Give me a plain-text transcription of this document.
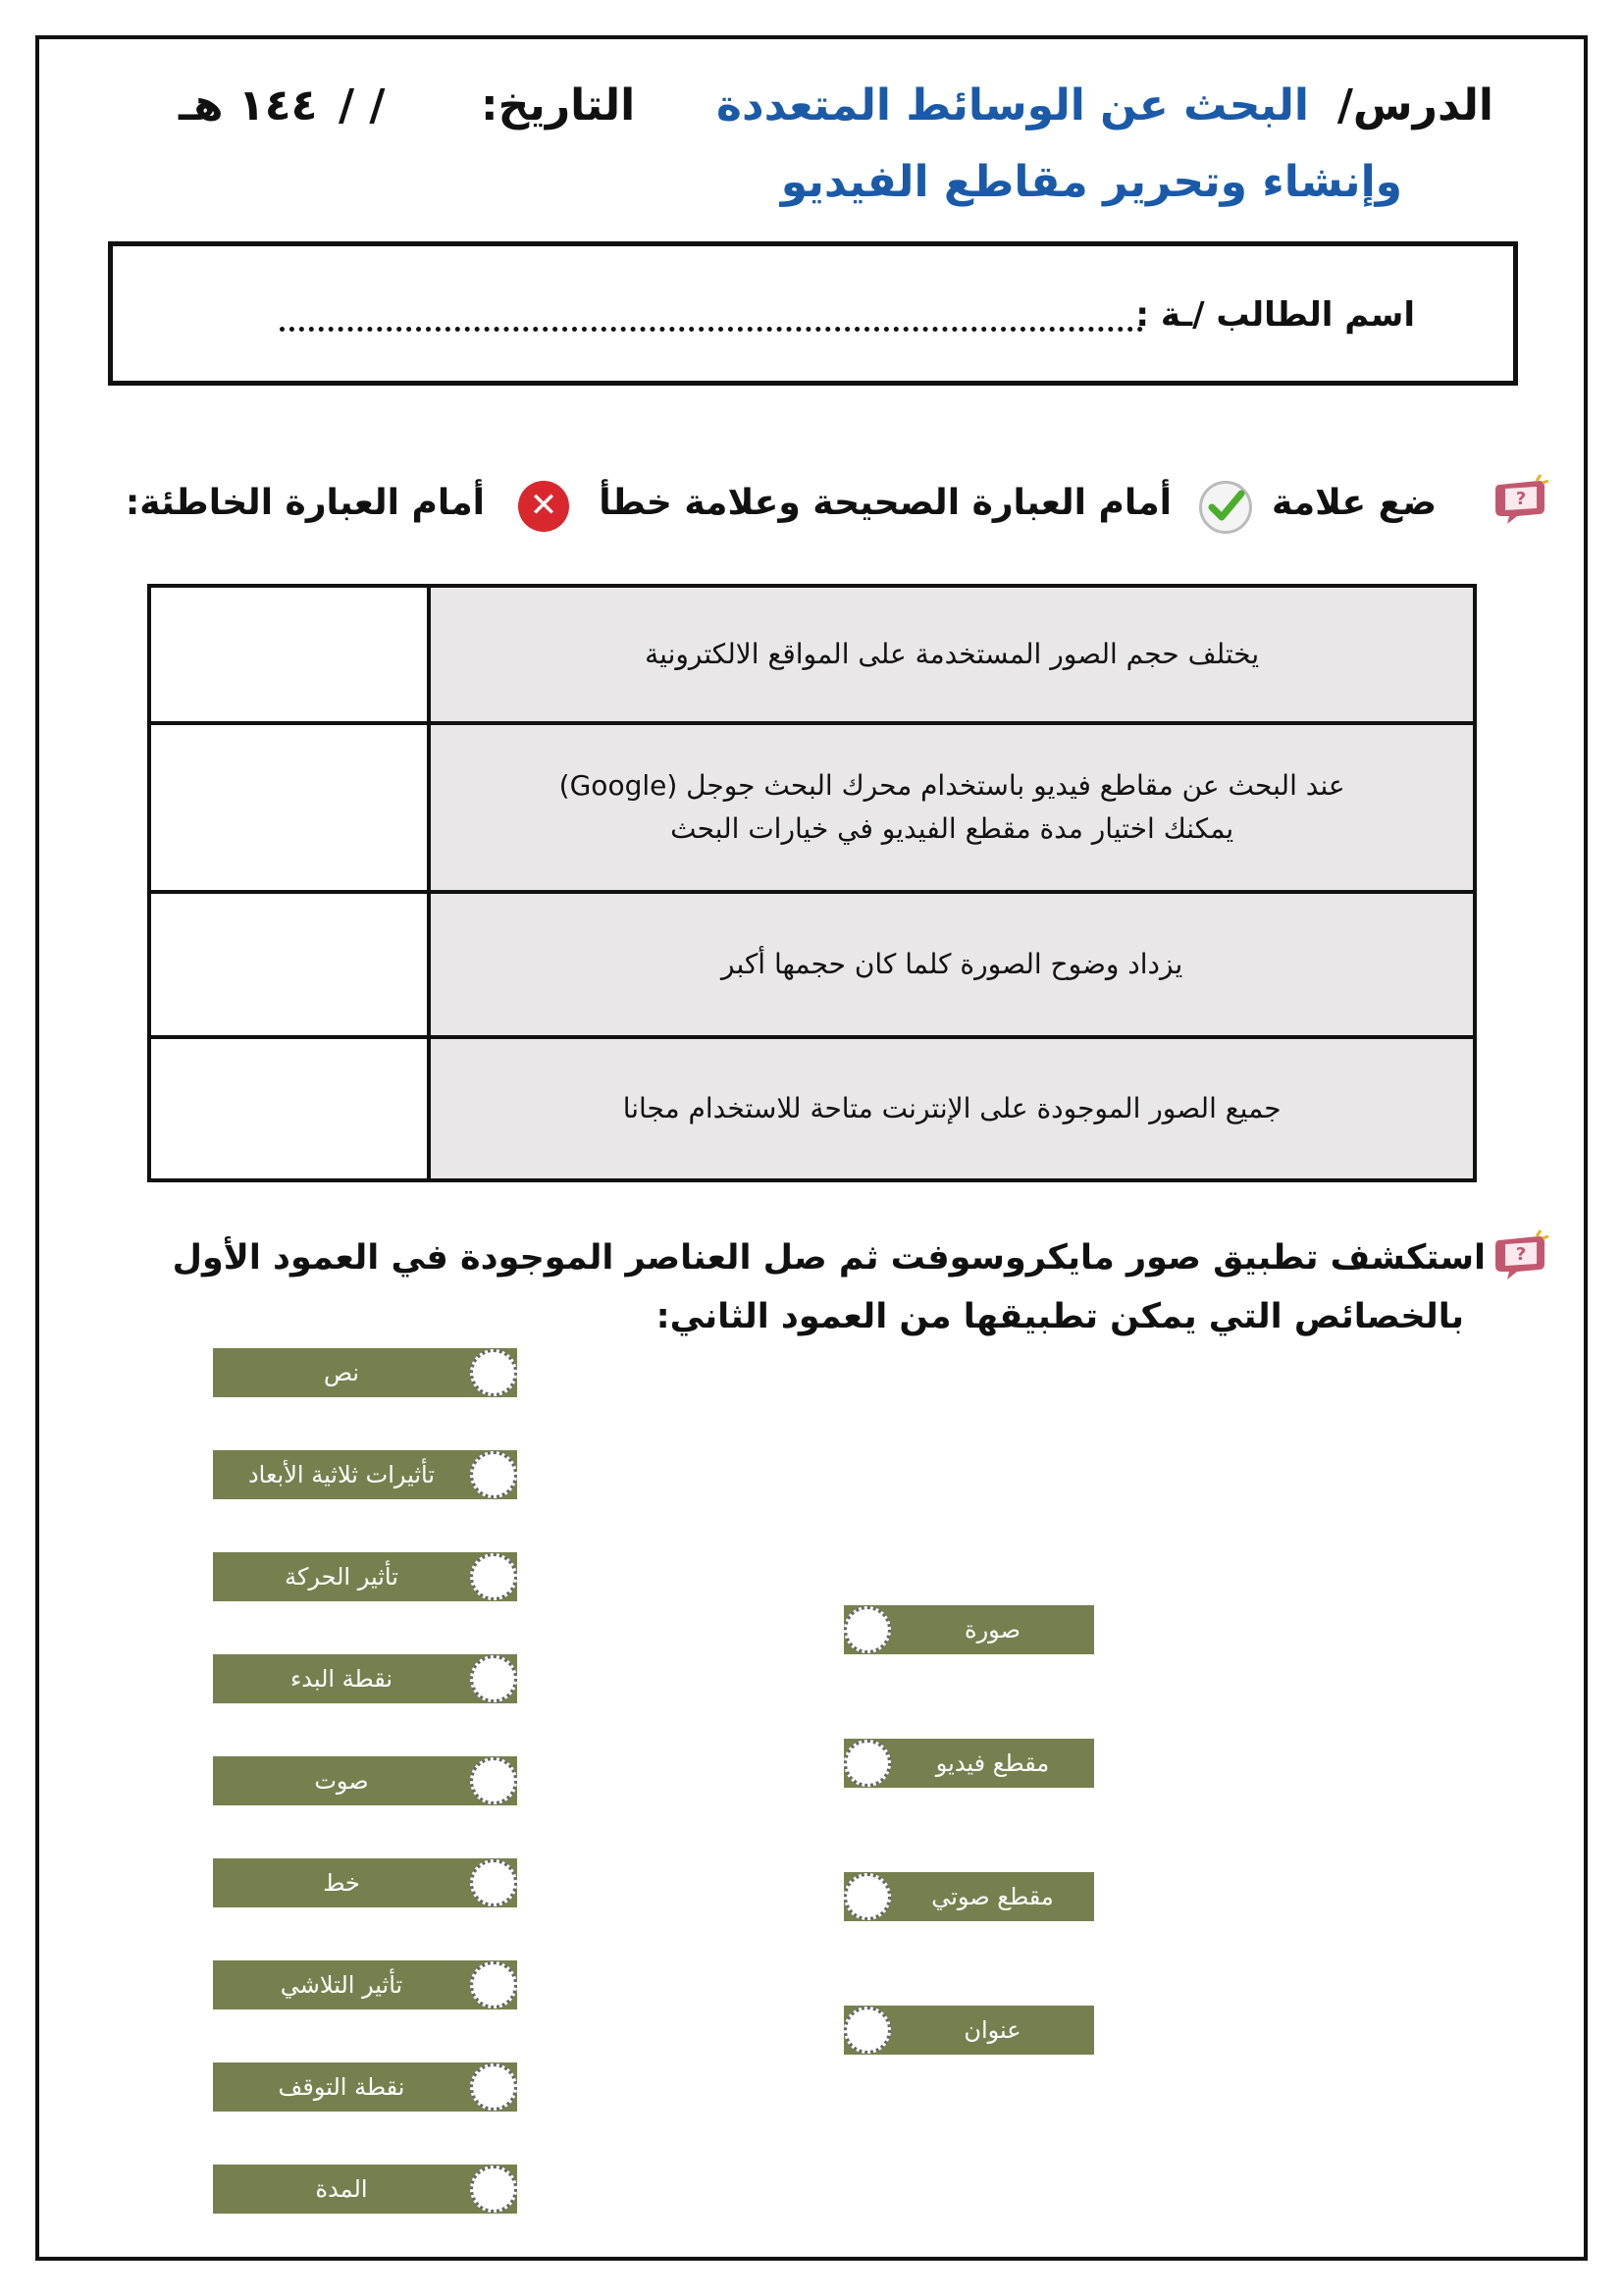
الدرس/
البحث عن الوسائط المتعددة
وإنشاء وتحرير مقاطع الفيديو
التاريخ:
/ /
١٤٤ هـ
اسم الطالب /ـة :
?
ضع علامة
أمام العبارة الصحيحة وعلامة خطأ
✕
أمام العبارة الخاطئة:
	يختلف حجم الصور المستخدمة على المواقع الالكترونية

	عند البحث عن مقاطع فيديو باستخدام محرك البحث جوجل (Google)
يمكنك اختيار مدة مقطع الفيديو في خيارات البحث

	يزداد وضوح الصورة كلما كان حجمها أكبر
	جميع الصور الموجودة على الإنترنت متاحة للاستخدام مجانا
?
استكشف تطبيق صور مايكروسوفت ثم صل العناصر الموجودة في العمود الأول
بالخصائص التي يمكن تطبيقها من العمود الثاني:
نص
تأثيرات ثلاثية الأبعاد
تأثير الحركة
نقطة البدء
صوت
خط
تأثير التلاشي
نقطة التوقف
المدة
صورة
مقطع فيديو
مقطع صوتي
عنوان
